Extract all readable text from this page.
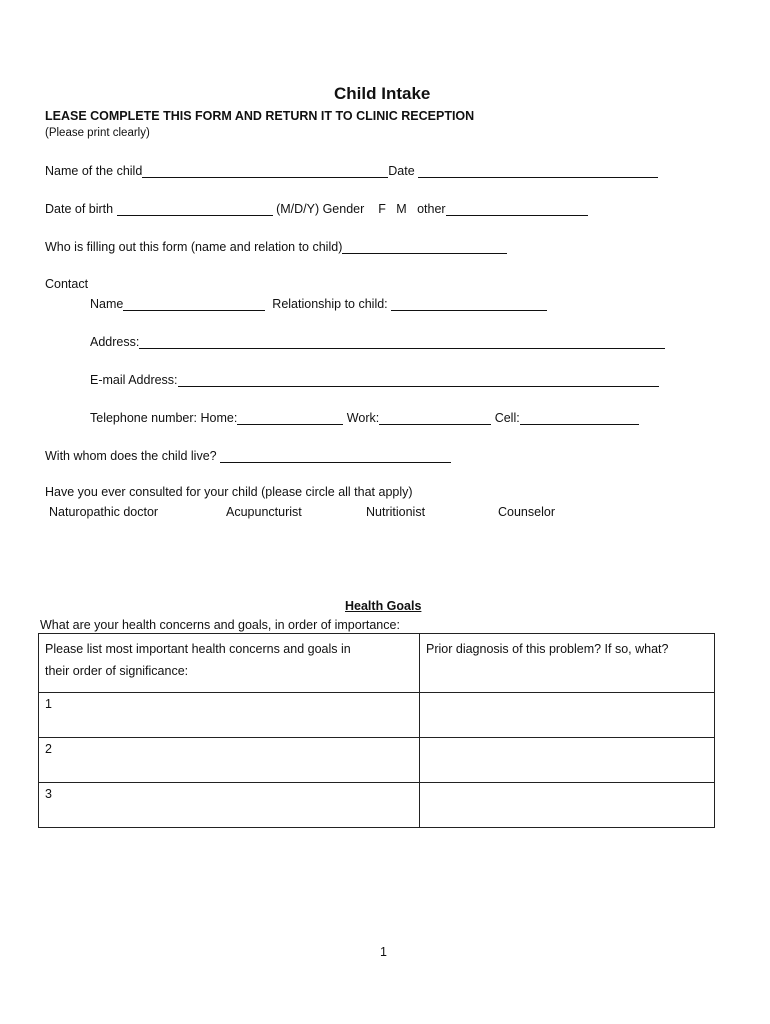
Child Intake
LEASE COMPLETE THIS FORM AND RETURN IT TO CLINIC RECEPTION
(Please print clearly)
Name of the child	Date
Date of birth	(M/D/Y) Gender F M other
Who is filling out this form (name and relation to child)
Contact
Name	Relationship to child:
Address:
E-mail Address:
Telephone number: Home:	Work:	Cell:
With whom does the child live?
Have you ever consulted for your child (please circle all that apply)
Naturopathic doctor	Acupuncturist	Nutritionist	Counselor
Health Goals
What are your health concerns and goals, in order of importance:
Please list most important health concerns and goals in
their order of significance:	Prior diagnosis of this problem? If so, what?
1	
2	
3	
1
